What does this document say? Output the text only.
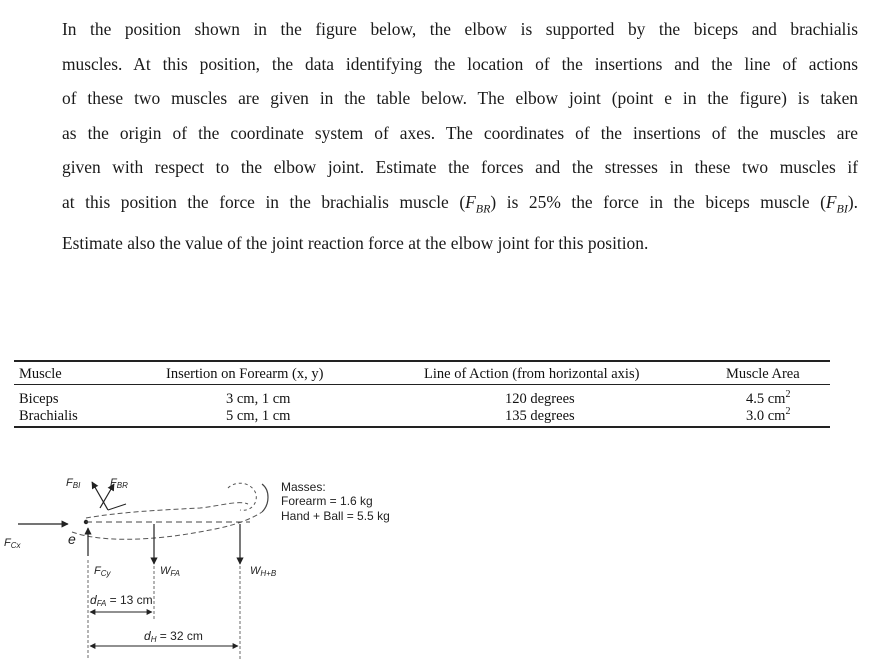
In the position shown in the figure below, the elbow is supported by the biceps and brachialis
muscles. At this position, the data identifying the location of the insertions and the line of actions
of these two muscles are given in the table below. The elbow joint (point e in the figure) is taken
as the origin of the coordinate system of axes. The coordinates of the insertions of the muscles are
given with respect to the elbow joint. Estimate the forces and the stresses in these two muscles if
at this position the force in the brachialis muscle $(F_{BR})$ is 25% the force in the biceps muscle $(F_{BI})$.
Estimate also the value of the joint reaction force at the elbow joint for this position.
Muscle	Insertion on Forearm (x, y)	Line of Action (from horizontal axis)	Muscle Area
Biceps	3 cm, 1 cm	120 degrees	4.5 $cm^2$
Brachialis	5 cm, 1 cm	135 degrees	3.0 $cm^2$
FBI	FBR
FCx	e
FCy	WFA	WH+B
dFA = 13 cm
dH = 32 cm
Masses:
Forearm = 1.6 kg
Hand + Ball = 5.5 kg
